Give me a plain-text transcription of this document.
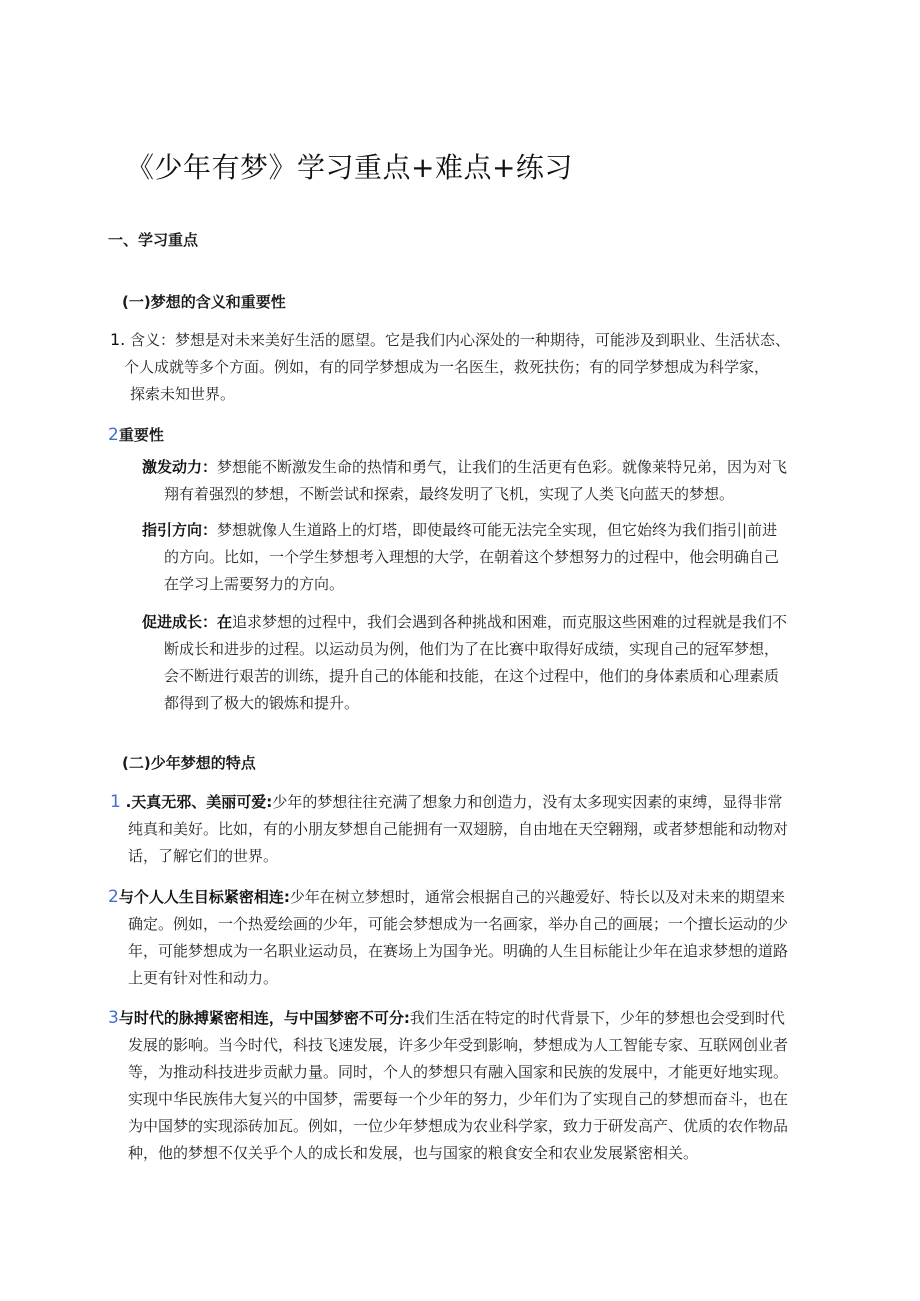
《少年有梦》学习重点+难点+练习
一、学习重点
(一)梦想的含义和重要性
1. 含义：梦想是对未来美好生活的愿望。它是我们内心深处的一种期待，可能涉及到职业、生活状态、
个人成就等多个方面。例如，有的同学梦想成为一名医生，救死扶伤；有的同学梦想成为科学家，
探索未知世界。
2重要性
激发动力：梦想能不断激发生命的热情和勇气，让我们的生活更有色彩。就像莱特兄弟，因为对飞
翔有着强烈的梦想，不断尝试和探索，最终发明了飞机，实现了人类飞向蓝天的梦想。
指引方向：梦想就像人生道路上的灯塔，即使最终可能无法完全实现，但它始终为我们指引|前进
的方向。比如，一个学生梦想考入理想的大学，在朝着这个梦想努力的过程中，他会明确自己
在学习上需要努力的方向。
促进成长：在追求梦想的过程中，我们会遇到各种挑战和困难，而克服这些困难的过程就是我们不
断成长和进步的过程。以运动员为例，他们为了在比赛中取得好成绩，实现自己的冠军梦想，
会不断进行艰苦的训练，提升自己的体能和技能，在这个过程中，他们的身体素质和心理素质
都得到了极大的锻炼和提升。
(二)少年梦想的特点
1 .天真无邪、美丽可爱:少年的梦想往往充满了想象力和创造力，没有太多现实因素的束缚，显得非常
纯真和美好。比如，有的小朋友梦想自己能拥有一双翅膀，自由地在天空翱翔，或者梦想能和动物对
话，了解它们的世界。
2与个人人生目标紧密相连:少年在树立梦想时，通常会根据自己的兴趣爱好、特长以及对未来的期望来
确定。例如，一个热爱绘画的少年，可能会梦想成为一名画家，举办自己的画展；一个擅长运动的少
年，可能梦想成为一名职业运动员，在赛场上为国争光。明确的人生目标能让少年在追求梦想的道路
上更有针对性和动力。
3与时代的脉搏紧密相连，与中国梦密不可分:我们生活在特定的时代背景下，少年的梦想也会受到时代
发展的影响。当今时代，科技飞速发展，许多少年受到影响，梦想成为人工智能专家、互联网创业者
等，为推动科技进步贡献力量。同时，个人的梦想只有融入国家和民族的发展中，才能更好地实现。
实现中华民族伟大复兴的中国梦，需要每一个少年的努力，少年们为了实现自己的梦想而奋斗，也在
为中国梦的实现添砖加瓦。例如，一位少年梦想成为农业科学家，致力于研发高产、优质的农作物品
种，他的梦想不仅关乎个人的成长和发展，也与国家的粮食安全和农业发展紧密相关。
